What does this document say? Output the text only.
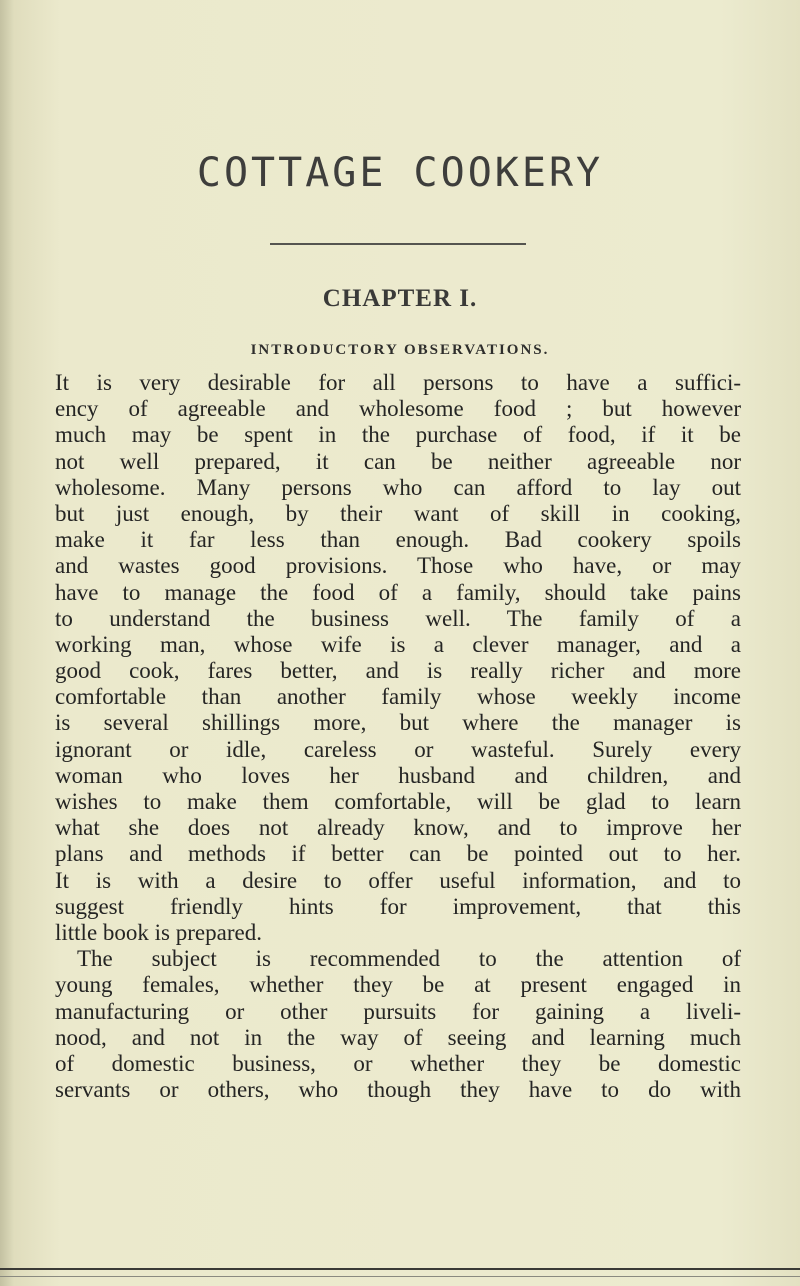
COTTAGE COOKERY
CHAPTER I.
INTRODUCTORY OBSERVATIONS.
It is very desirable for all persons to have a suffici-
ency of agreeable and wholesome food ; but however
much may be spent in the purchase of food, if it be
not well prepared, it can be neither agreeable nor
wholesome. Many persons who can afford to lay out
but just enough, by their want of skill in cooking,
make it far less than enough. Bad cookery spoils
and wastes good provisions. Those who have, or may
have to manage the food of a family, should take pains
to understand the business well. The family of a
working man, whose wife is a clever manager, and a
good cook, fares better, and is really richer and more
comfortable than another family whose weekly income
is several shillings more, but where the manager is
ignorant or idle, careless or wasteful. Surely every
woman who loves her husband and children, and
wishes to make them comfortable, will be glad to learn
what she does not already know, and to improve her
plans and methods if better can be pointed out to her.
It is with a desire to offer useful information, and to
suggest friendly hints for improvement, that this
little book is prepared.
The subject is recommended to the attention of
young females, whether they be at present engaged in
manufacturing or other pursuits for gaining a liveli-
nood, and not in the way of seeing and learning much
of domestic business, or whether they be domestic
servants or others, who though they have to do with
